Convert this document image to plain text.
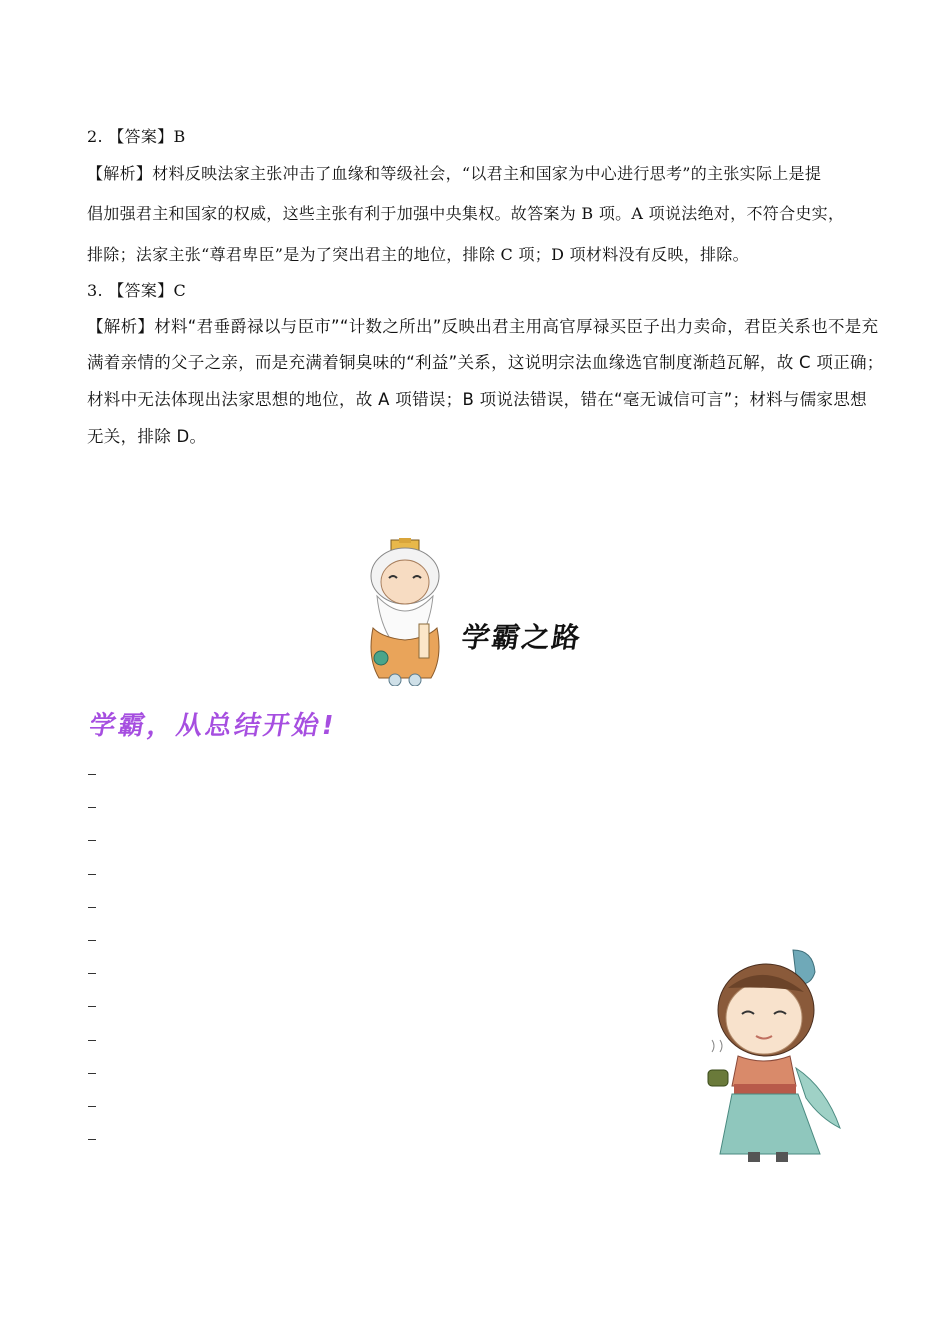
2. 【答案】B
【解析】材料反映法家主张冲击了血缘和等级社会，“以君主和国家为中心进行思考”的主张实际上是提
倡加强君主和国家的权威，这些主张有利于加强中央集权。故答案为 B 项。A 项说法绝对，不符合史实，
排除；法家主张“尊君卑臣”是为了突出君主的地位，排除 C 项；D 项材料没有反映，排除。
3. 【答案】C
【解析】材料“君垂爵禄以与臣市”“计数之所出”反映出君主用高官厚禄买臣子出力卖命，君臣关系也不是充
满着亲情的父子之亲，而是充满着铜臭味的“利益”关系，这说明宗法血缘选官制度渐趋瓦解，故 C 项正确；
材料中无法体现出法家思想的地位，故 A 项错误；B 项说法错误，错在“毫无诚信可言”；材料与儒家思想
无关，排除 D。
学霸之路
学霸，从总结开始!
